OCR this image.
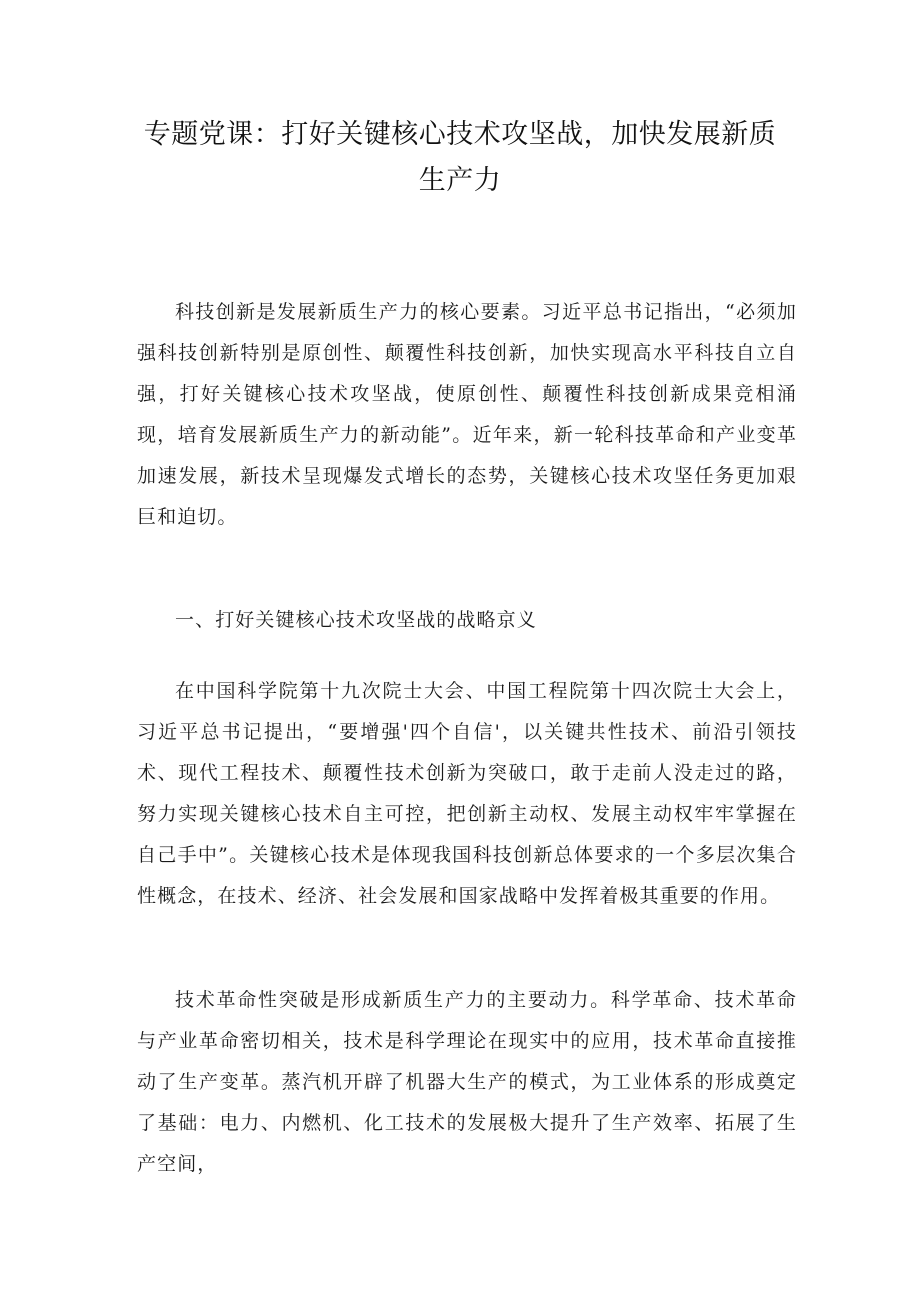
专题党课：打好关键核心技术攻坚战，加快发展新质
生产力

科技创新是发展新质生产力的核心要素。习近平总书记指出，“必须加强科技创新特别是原创性、颠覆性科技创新，加快实现高水平科技自立自强，打好关键核心技术攻坚战，使原创性、颠覆性科技创新成果竞相涌现，培育发展新质生产力的新动能”。近年来，新一轮科技革命和产业变革加速发展，新技术呈现爆发式增长的态势，关键核心技术攻坚任务更加艰巨和迫切。

一、打好关键核心技术攻坚战的战略京义

在中国科学院第十九次院士大会、中国工程院第十四次院士大会上，习近平总书记提出，“要增强'四个自信'，以关键共性技术、前沿引领技术、现代工程技术、颠覆性技术创新为突破口，敢于走前人没走过的路，努力实现关键核心技术自主可控，把创新主动权、发展主动权牢牢掌握在自己手中”。关键核心技术是体现我国科技创新总体要求的一个多层次集合性概念，在技术、经济、社会发展和国家战略中发挥着极其重要的作用。

技术革命性突破是形成新质生产力的主要动力。科学革命、技术革命与产业革命密切相关，技术是科学理论在现实中的应用，技术革命直接推动了生产变革。蒸汽机开辟了机器大生产的模式，为工业体系的形成奠定了基础：电力、内燃机、化工技术的发展极大提升了生产效率、拓展了生产空间，
